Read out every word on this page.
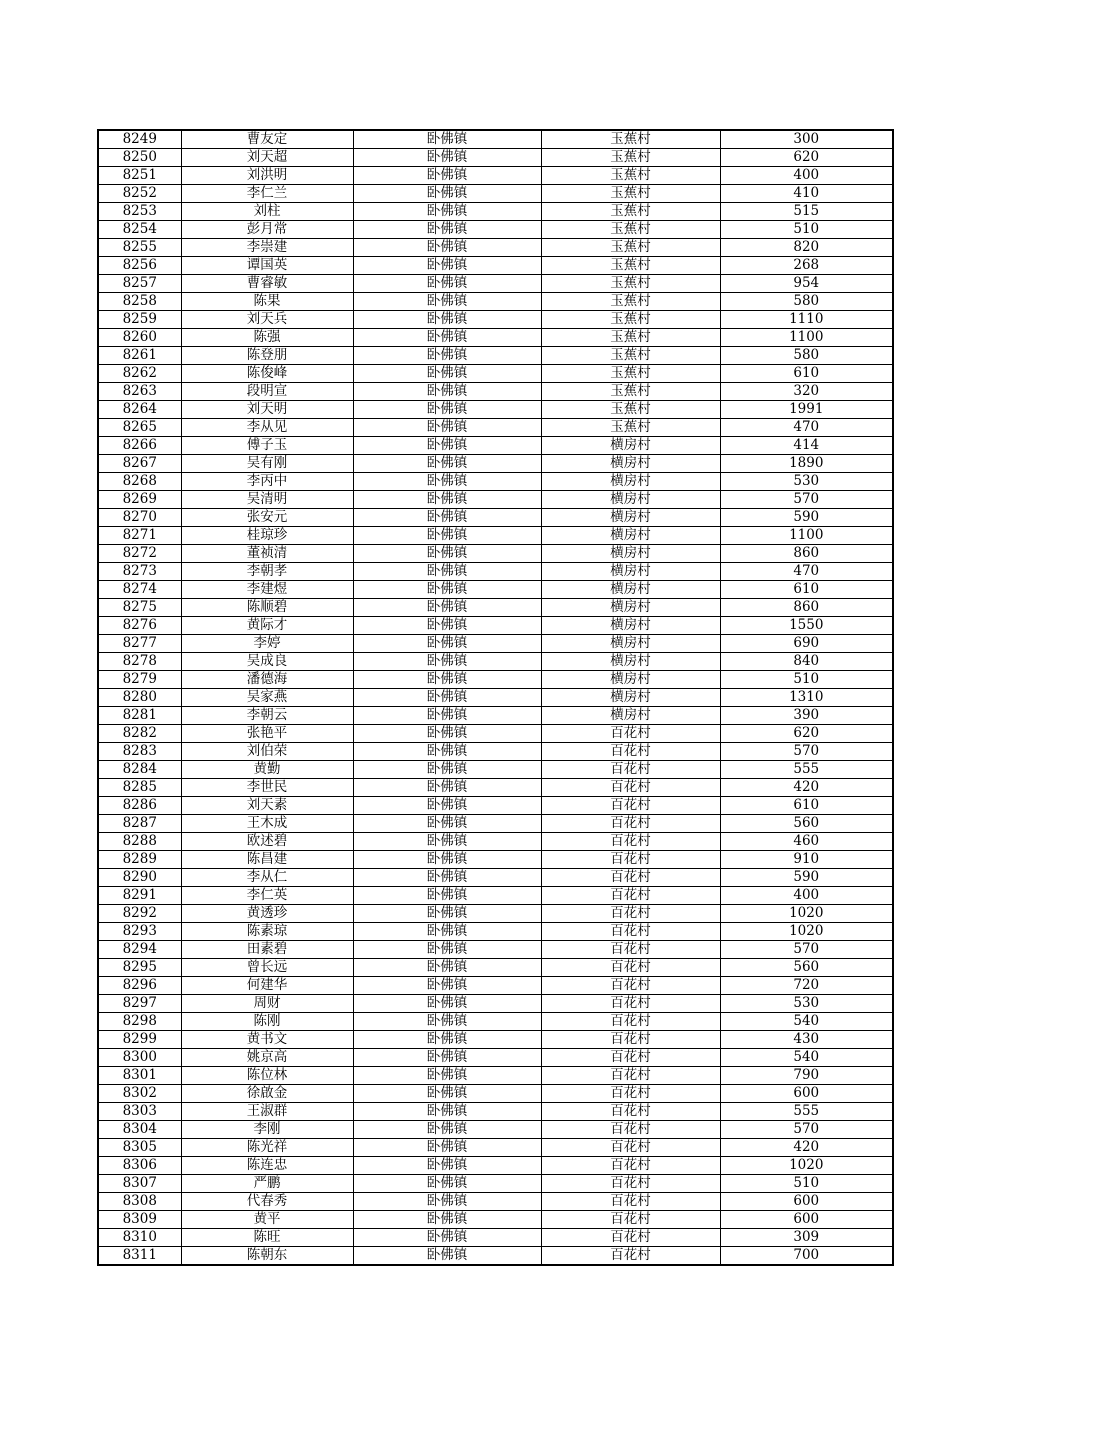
8249	曹友定	卧佛镇	玉蕉村	300
8250	刘天超	卧佛镇	玉蕉村	620
8251	刘洪明	卧佛镇	玉蕉村	400
8252	李仁兰	卧佛镇	玉蕉村	410
8253	刘柱	卧佛镇	玉蕉村	515
8254	彭月常	卧佛镇	玉蕉村	510
8255	李崇建	卧佛镇	玉蕉村	820
8256	谭国英	卧佛镇	玉蕉村	268
8257	曹睿敏	卧佛镇	玉蕉村	954
8258	陈果	卧佛镇	玉蕉村	580
8259	刘天兵	卧佛镇	玉蕉村	1110
8260	陈强	卧佛镇	玉蕉村	1100
8261	陈登朋	卧佛镇	玉蕉村	580
8262	陈俊峰	卧佛镇	玉蕉村	610
8263	段明宣	卧佛镇	玉蕉村	320
8264	刘天明	卧佛镇	玉蕉村	1991
8265	李从见	卧佛镇	玉蕉村	470
8266	傅子玉	卧佛镇	横房村	414
8267	吴有刚	卧佛镇	横房村	1890
8268	李丙中	卧佛镇	横房村	530
8269	吴清明	卧佛镇	横房村	570
8270	张安元	卧佛镇	横房村	590
8271	桂琼珍	卧佛镇	横房村	1100
8272	董祯清	卧佛镇	横房村	860
8273	李朝孝	卧佛镇	横房村	470
8274	李建煜	卧佛镇	横房村	610
8275	陈顺碧	卧佛镇	横房村	860
8276	黄际才	卧佛镇	横房村	1550
8277	李婷	卧佛镇	横房村	690
8278	吴成良	卧佛镇	横房村	840
8279	潘德海	卧佛镇	横房村	510
8280	吴家燕	卧佛镇	横房村	1310
8281	李朝云	卧佛镇	横房村	390
8282	张艳平	卧佛镇	百花村	620
8283	刘伯荣	卧佛镇	百花村	570
8284	黄勤	卧佛镇	百花村	555
8285	李世民	卧佛镇	百花村	420
8286	刘天素	卧佛镇	百花村	610
8287	王木成	卧佛镇	百花村	560
8288	欧述碧	卧佛镇	百花村	460
8289	陈昌建	卧佛镇	百花村	910
8290	李从仁	卧佛镇	百花村	590
8291	李仁英	卧佛镇	百花村	400
8292	黄透珍	卧佛镇	百花村	1020
8293	陈素琼	卧佛镇	百花村	1020
8294	田素碧	卧佛镇	百花村	570
8295	曾长远	卧佛镇	百花村	560
8296	何建华	卧佛镇	百花村	720
8297	周财	卧佛镇	百花村	530
8298	陈刚	卧佛镇	百花村	540
8299	黄书文	卧佛镇	百花村	430
8300	姚京高	卧佛镇	百花村	540
8301	陈位林	卧佛镇	百花村	790
8302	徐啟金	卧佛镇	百花村	600
8303	王淑群	卧佛镇	百花村	555
8304	李刚	卧佛镇	百花村	570
8305	陈光祥	卧佛镇	百花村	420
8306	陈连忠	卧佛镇	百花村	1020
8307	严鹏	卧佛镇	百花村	510
8308	代春秀	卧佛镇	百花村	600
8309	黄平	卧佛镇	百花村	600
8310	陈旺	卧佛镇	百花村	309
8311	陈朝东	卧佛镇	百花村	700
